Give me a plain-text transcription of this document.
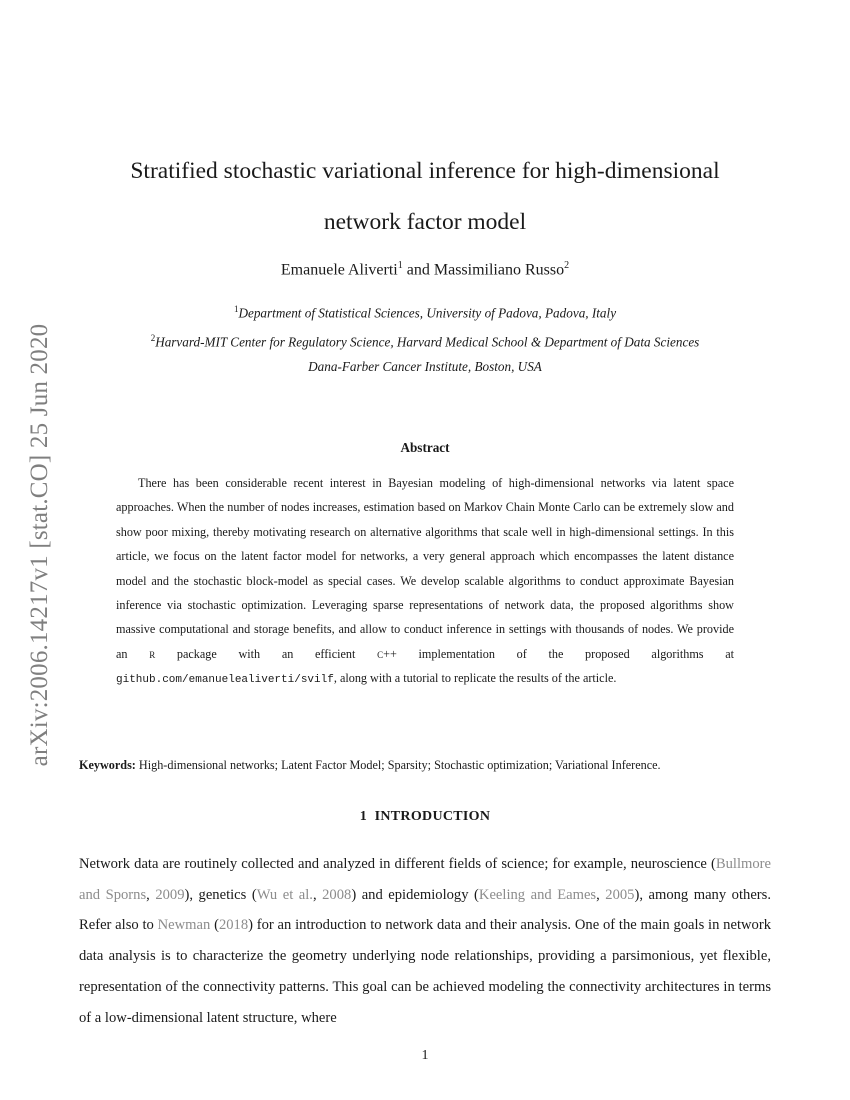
arXiv:2006.14217v1 [stat.CO] 25 Jun 2020
Stratified stochastic variational inference for high-dimensional
network factor model
Emanuele Aliverti$^1$ and Massimiliano Russo$^2$
$^1$Department of Statistical Sciences, University of Padova, Padova, Italy
$^2$Harvard-MIT Center for Regulatory Science, Harvard Medical School & Department of Data Sciences
Dana-Farber Cancer Institute, Boston, USA
Abstract

There has been considerable recent interest in Bayesian modeling of high-dimensional networks via latent space approaches. When the number of nodes increases, estimation based on Markov Chain Monte Carlo can be extremely slow and show poor mixing, thereby motivating research on alternative algorithms that scale well in high-dimensional settings. In this article, we focus on the latent factor model for networks, a very general approach which encompasses the latent distance model and the stochastic block-model as special cases. We develop scalable algorithms to conduct approximate Bayesian inference via stochastic optimization. Leveraging sparse representations of network data, the proposed algorithms show massive computational and storage benefits, and allow to conduct inference in settings with thousands of nodes. We provide an r package with an efficient c++ implementation of the proposed algorithms at github.com/emanuelealiverti/svilf, along with a tutorial to replicate the results of the article.

Keywords: High-dimensional networks; Latent Factor Model; Sparsity; Stochastic optimization; Variational Inference.
1 INTRODUCTION

Network data are routinely collected and analyzed in different fields of science; for example, neuroscience (Bullmore and Sporns, 2009), genetics (Wu et al., 2008) and epidemiology (Keeling and Eames, 2005), among many others. Refer also to Newman (2018) for an introduction to network data and their analysis. One of the main goals in network data analysis is to characterize the geometry underlying node relationships, providing a parsimonious, yet flexible, representation of the connectivity patterns. This goal can be achieved modeling the connectivity architectures in terms of a low-dimensional latent structure, where

1
